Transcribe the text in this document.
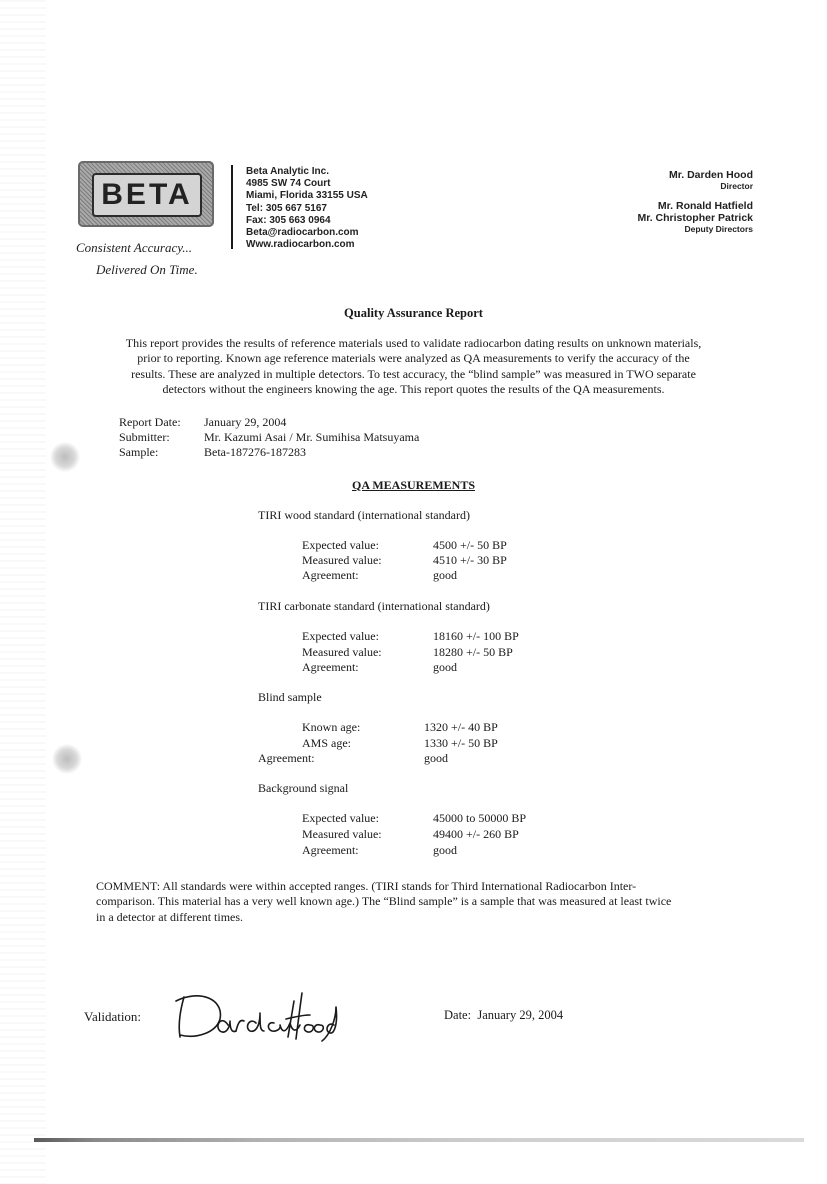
BETA
Consistent Accuracy...
Delivered On Time.
Beta Analytic Inc.
4985 SW 74 Court
Miami, Florida 33155 USA
Tel: 305 667 5167
Fax: 305 663 0964
Beta@radiocarbon.com
Www.radiocarbon.com
Mr. Darden Hood
Director
Mr. Ronald Hatfield
Mr. Christopher Patrick
Deputy Directors
Quality Assurance Report
This report provides the results of reference materials used to validate radiocarbon dating results on unknown materials,
prior to reporting. Known age reference materials were analyzed as QA measurements to verify the accuracy of the
results. These are analyzed in multiple detectors. To test accuracy, the “blind sample” was measured in TWO separate
detectors without the engineers knowing the age. This report quotes the results of the QA measurements.
Report Date: January 29, 2004
Submitter:	Mr. Kazumi Asai / Mr. Sumihisa Matsuyama
Sample:	Beta-187276-187283
QA MEASUREMENTS
TIRI wood standard (international standard)
Expected value:	4500 +/- 50 BP
Measured value:	4510 +/- 30 BP
Agreement:	good
TIRI carbonate standard (international standard)
Expected value:	18160 +/- 100 BP
Measured value:	18280 +/- 50 BP
Agreement:	good
Blind sample
Known age:	1320 +/- 40 BP
AMS age:	1330 +/- 50 BP
Agreement:	good
Background signal
Expected value:	45000 to 50000 BP
Measured value:	49400 +/- 260 BP
Agreement:	good
COMMENT: All standards were within accepted ranges. (TIRI stands for Third International Radiocarbon Inter-
comparison. This material has a very well known age.) The “Blind sample” is a sample that was measured at least twice
in a detector at different times.
Validation:
Darden Hood
Date: January 29, 2004
